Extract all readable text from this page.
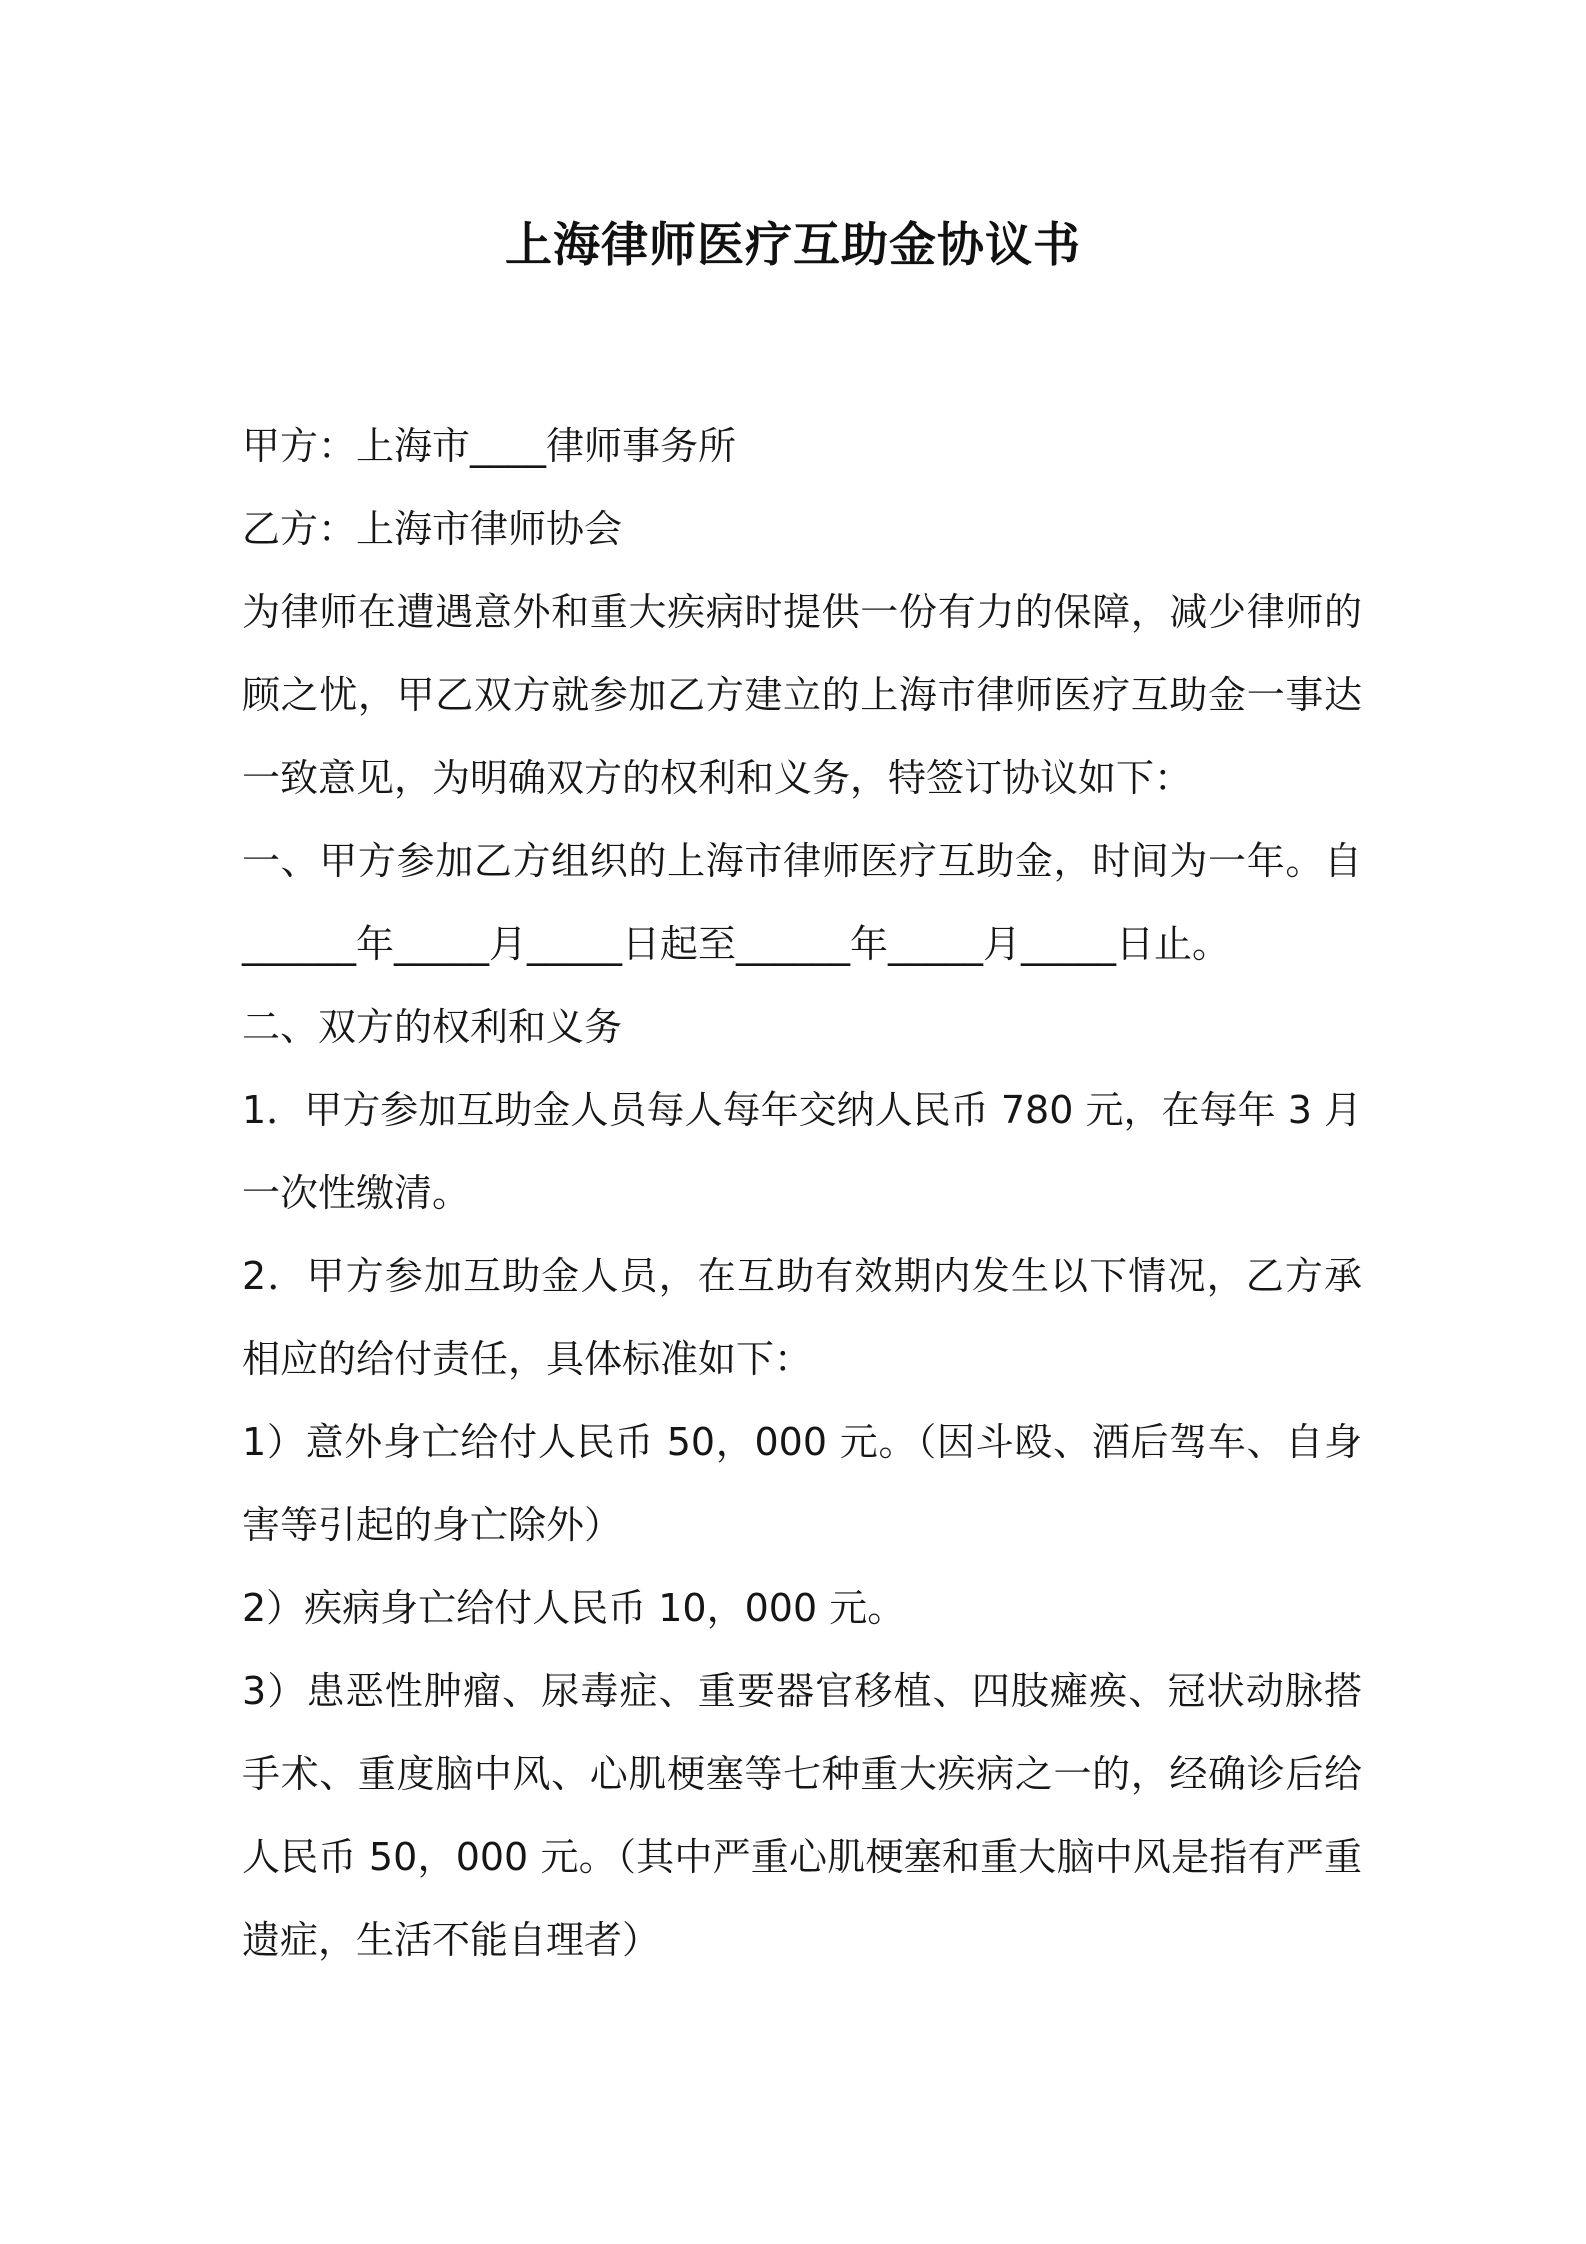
上海律师医疗互助金协议书
甲方：上海市____律师事务所
乙方：上海市律师协会
为律师在遭遇意外和重大疾病时提供一份有力的保障，减少律师的
顾之忧，甲乙双方就参加乙方建立的上海市律师医疗互助金一事达
一致意见，为明确双方的权利和义务，特签订协议如下：
一、甲方参加乙方组织的上海市律师医疗互助金，时间为一年。自
______年_____月_____日起至______年_____月_____日止。
二、双方的权利和义务
1．甲方参加互助金人员每人每年交纳人民币 780 元，在每年 3 月
一次性缴清。
2．甲方参加互助金人员，在互助有效期内发生以下情况，乙方承
相应的给付责任，具体标准如下：
1）意外身亡给付人民币 50，000 元。（因斗殴、酒后驾车、自身
害等引起的身亡除外）
2）疾病身亡给付人民币 10，000 元。
3）患恶性肿瘤、尿毒症、重要器官移植、四肢瘫痪、冠状动脉搭
手术、重度脑中风、心肌梗塞等七种重大疾病之一的，经确诊后给
人民币 50，000 元。（其中严重心肌梗塞和重大脑中风是指有严重
遗症，生活不能自理者）
